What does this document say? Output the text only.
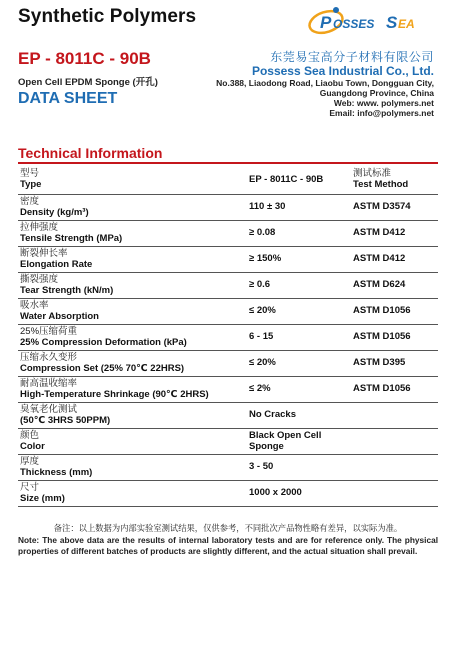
Synthetic Polymers	P OSSES S EA
EP - 8011C - 90B
Open Cell EPDM Sponge (开孔)
DATA SHEET
东莞易宝高分子材料有限公司
Possess Sea Industrial Co., Ltd.
No.388, Liaodong Road, Liaobu Town, Dongguan City,
Guangdong Province, China
Web: www. polymers.net
Email: info@polymers.net
Technical Information
型号
Type	EP - 8011C - 90B	测试标准
Test Method

密度
Density (kg/m³)	110 ± 30	ASTM D3574

拉伸强度
Tensile Strength (MPa)	≥ 0.08	ASTM D412

断裂伸长率
Elongation Rate	≥ 150%	ASTM D412

撕裂强度
Tear Strength (kN/m)	≥ 0.6	ASTM D624

吸水率
Water Absorption	≤ 20%	ASTM D1056

25%压缩荷重
25% Compression Deformation (kPa)	6 - 15	ASTM D1056

压缩永久变形
Compression Set (25% 70℃ 22HRS)	≤ 20%	ASTM D395

耐高温收缩率
High-Temperature Shrinkage (90℃ 2HRS)	≤ 2%	ASTM D1056

臭氧老化测试
(50℃ 3HRS 50PPM)	No Cracks	

颜色
Color	Black Open Cell Sponge	

厚度
Thickness (mm)	3 - 50	

尺寸
Size (mm)	1000 x 2000	
备注：以上数据为内部实验室测试结果，仅供参考，不同批次产品物性略有差异，以实际为准。
Note: The above data are the results of internal laboratory tests and are for reference only. The physical properties of different batches of products are slightly different, and the actual situation shall prevail.
